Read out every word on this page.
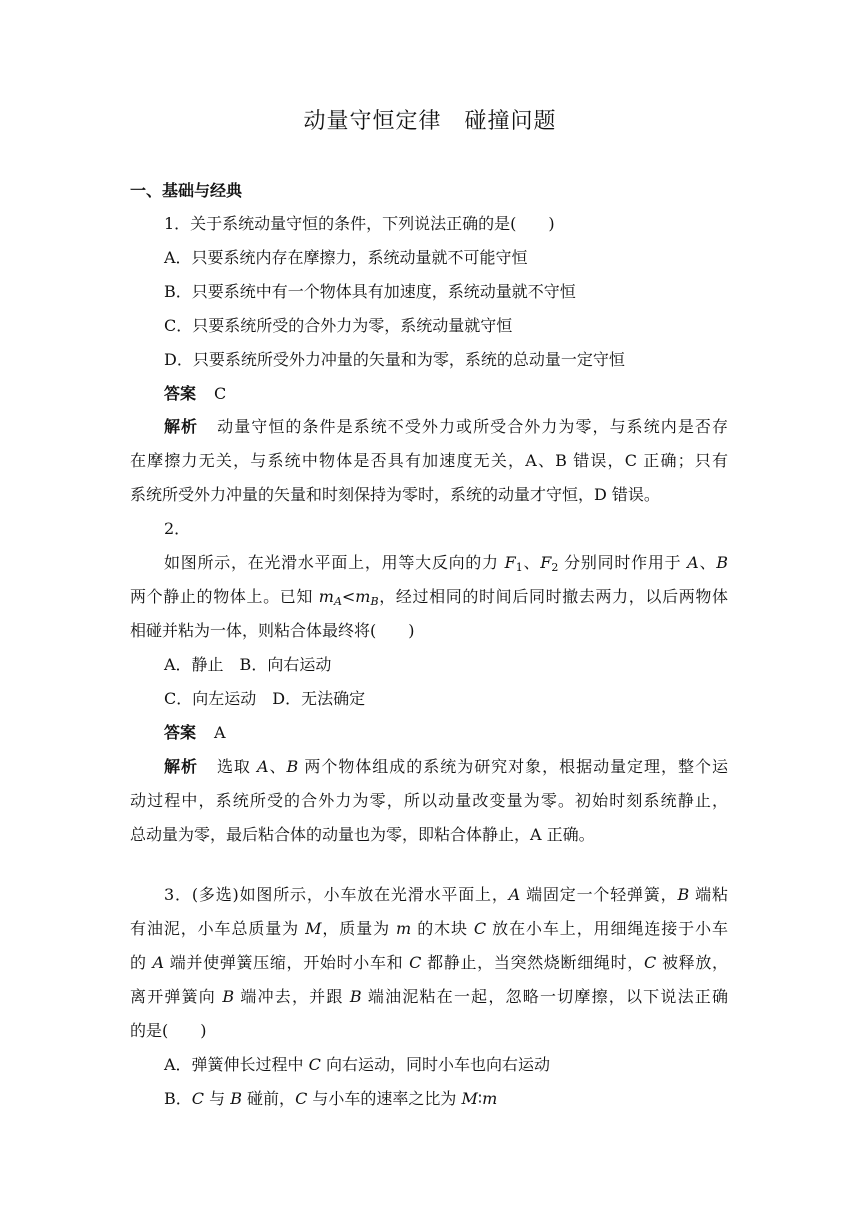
动量守恒定律　碰撞问题
一、基础与经典
1．关于系统动量守恒的条件，下列说法正确的是(　　)
A．只要系统内存在摩擦力，系统动量就不可能守恒
B．只要系统中有一个物体具有加速度，系统动量就不守恒
C．只要系统所受的合外力为零，系统动量就守恒
D．只要系统所受外力冲量的矢量和为零，系统的总动量一定守恒
答案 C
解析 动量守恒的条件是系统不受外力或所受合外力为零，与系统内是否存
在摩擦力无关，与系统中物体是否具有加速度无关，A、B 错误，C 正确；只有
系统所受外力冲量的矢量和时刻保持为零时，系统的动量才守恒，D 错误。
2．
如图所示，在光滑水平面上，用等大反向的力 $F_1$、$F_2$ 分别同时作用于 A、B
两个静止的物体上。已知 $m_A<m_B$，经过相同的时间后同时撤去两力，以后两物体
相碰并粘为一体，则粘合体最终将(　　)
A．静止　B．向右运动
C．向左运动　D．无法确定
答案 A
解析 选取 A、B 两个物体组成的系统为研究对象，根据动量定理，整个运
动过程中，系统所受的合外力为零，所以动量改变量为零。初始时刻系统静止，
总动量为零，最后粘合体的动量也为零，即粘合体静止，A 正确。
3．(多选)如图所示，小车放在光滑水平面上，A 端固定一个轻弹簧，B 端粘
有油泥，小车总质量为 M，质量为 m 的木块 C 放在小车上，用细绳连接于小车
的 A 端并使弹簧压缩，开始时小车和 C 都静止，当突然烧断细绳时，C 被释放，
离开弹簧向 B 端冲去，并跟 B 端油泥粘在一起，忽略一切摩擦，以下说法正确
的是(　　)
A．弹簧伸长过程中 C 向右运动，同时小车也向右运动
B．C 与 B 碰前，C 与小车的速率之比为 M∶m
